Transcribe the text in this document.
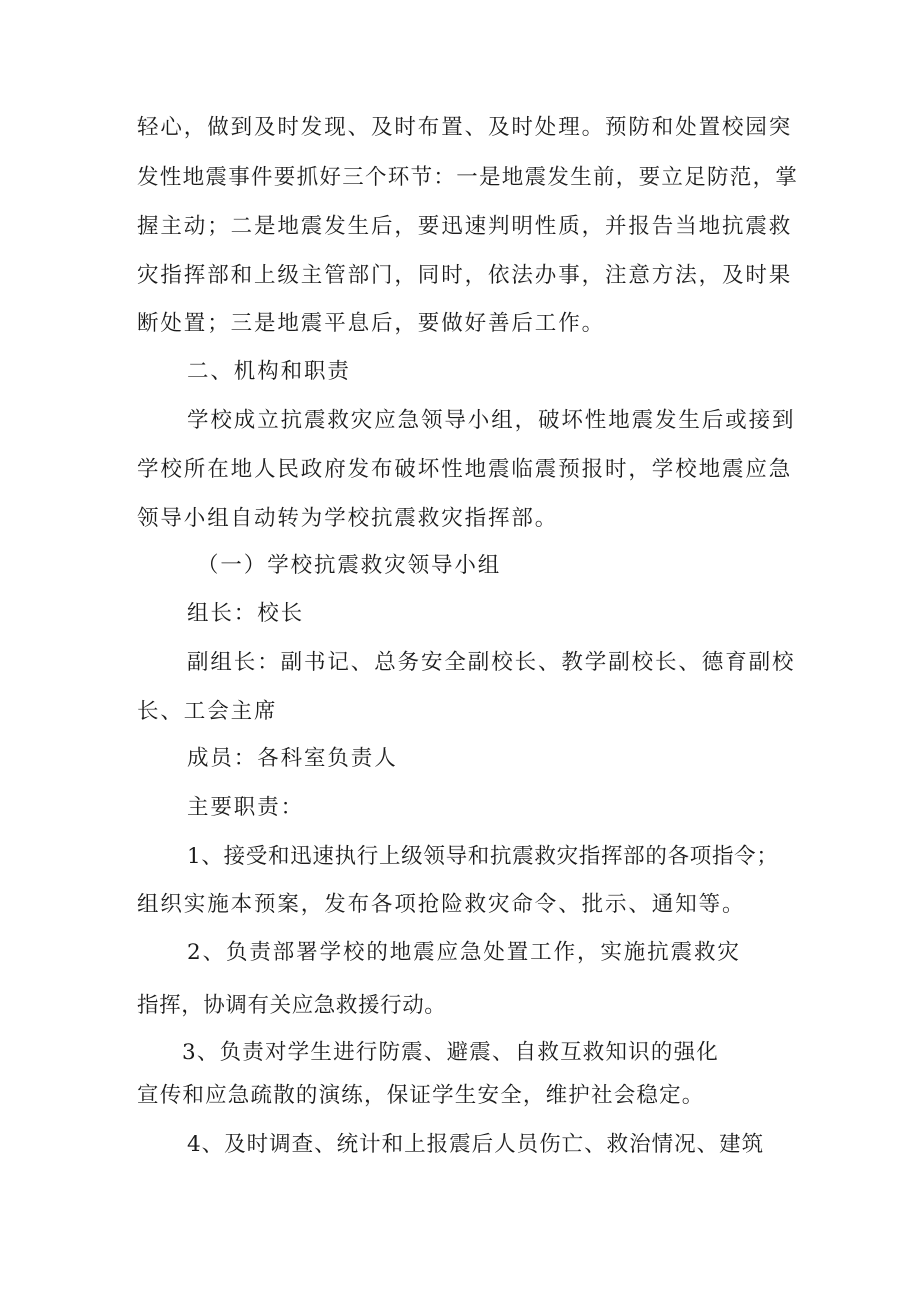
轻心，做到及时发现、及时布置、及时处理。预防和处置校园突

发性地震事件要抓好三个环节：一是地震发生前，要立足防范，掌

握主动；二是地震发生后，要迅速判明性质，并报告当地抗震救

灾指挥部和上级主管部门，同时，依法办事，注意方法，及时果

断处置；三是地震平息后，要做好善后工作。

二、机构和职责

学校成立抗震救灾应急领导小组，破坏性地震发生后或接到

学校所在地人民政府发布破坏性地震临震预报时，学校地震应急

领导小组自动转为学校抗震救灾指挥部。

（一）学校抗震救灾领导小组

组长：校长

副组长：副书记、总务安全副校长、教学副校长、德育副校

长、工会主席

成员：各科室负责人

主要职责：

1、接受和迅速执行上级领导和抗震救灾指挥部的各项指令；

组织实施本预案，发布各项抢险救灾命令、批示、通知等。

2、负责部署学校的地震应急处置工作，实施抗震救灾

指挥，协调有关应急救援行动。

3、负责对学生进行防震、避震、自救互救知识的强化

宣传和应急疏散的演练，保证学生安全，维护社会稳定。

4、及时调查、统计和上报震后人员伤亡、救治情况、建筑
